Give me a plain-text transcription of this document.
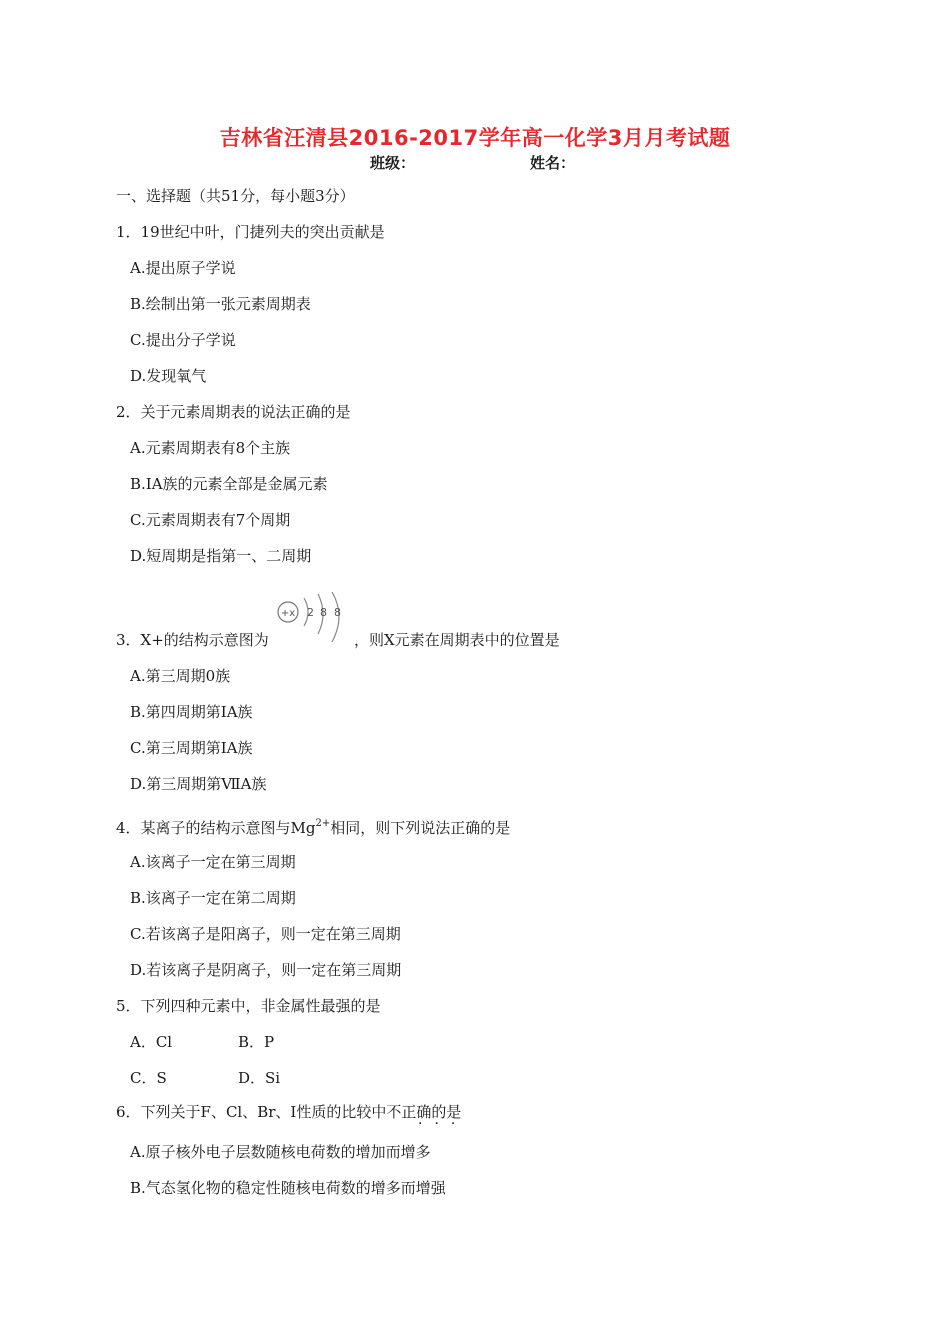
吉林省汪清县2016-2017学年高一化学3月月考试题
班级：	姓名：
一、选择题（共51分，每小题3分）
1．19世纪中叶，门捷列夫的突出贡献是
A.提出原子学说
B.绘制出第一张元素周期表
C.提出分子学说
D.发现氧气
2．关于元素周期表的说法正确的是
A.元素周期表有8个主族
B.ⅠA族的元素全部是金属元素
C.元素周期表有7个周期
D.短周期是指第一、二周期
+x 2 8 8
3．X+的结构示意图为	，则X元素在周期表中的位置是
A.第三周期0族
B.第四周期第ⅠA族
C.第三周期第ⅠA族
D.第三周期第ⅦA族
4．某离子的结构示意图与$Mg^{2+}$相同，则下列说法正确的是
A.该离子一定在第三周期
B.该离子一定在第二周期
C.若该离子是阳离子，则一定在第三周期
D.若该离子是阴离子，则一定在第三周期
5．下列四种元素中，非金属性最强的是
A．Cl	B．P
C．S	D．Si
6．下列关于F、Cl、Br、I性质的比较中不正确的是
···
A.原子核外电子层数随核电荷数的增加而增多
B.气态氢化物的稳定性随核电荷数的增多而增强
